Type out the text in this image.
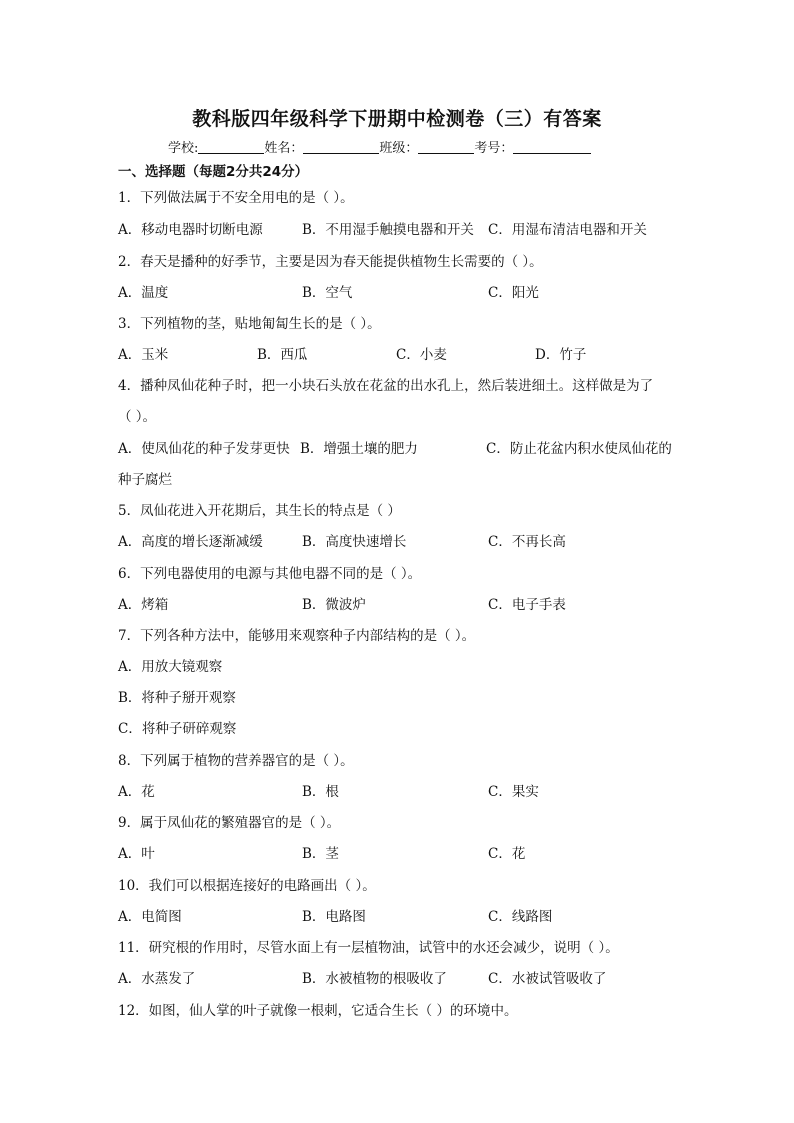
教科版四年级科学下册期中检测卷（三）有答案
学校:	姓名：	班级：	考号：
一、选择题（每题2分共24分）
1．下列做法属于不安全用电的是（ ）。
A．移动电器时切断电源	B．不用湿手触摸电器和开关 C．用湿布清洁电器和开关
2．春天是播种的好季节，主要是因为春天能提供植物生长需要的（ ）。
A．温度	B．空气	C．阳光
3．下列植物的茎，贴地匍匐生长的是（ ）。
A．玉米	B．西瓜	C．小麦	D．竹子
4．播种凤仙花种子时，把一小块石头放在花盆的出水孔上，然后装进细土。这样做是为了
（ ）。
A．使凤仙花的种子发芽更快 B．增强土壤的肥力	C．防止花盆内积水使凤仙花的
种子腐烂
5．凤仙花进入开花期后，其生长的特点是（ ）
A．高度的增长逐渐减缓	B．高度快速增长	C．不再长高
6．下列电器使用的电源与其他电器不同的是（ ）。
A．烤箱	B．微波炉	C．电子手表
7．下列各种方法中，能够用来观察种子内部结构的是（ ）。
A．用放大镜观察
B．将种子掰开观察
C．将种子研碎观察
8．下列属于植物的营养器官的是（ ）。
A．花	B．根	C．果实
9．属于凤仙花的繁殖器官的是（ ）。
A．叶	B．茎	C．花
10．我们可以根据连接好的电路画出（ ）。
A．电简图	B．电路图	C．线路图
11．研究根的作用时，尽管水面上有一层植物油，试管中的水还会减少，说明（ ）。
A．水蒸发了	B．水被植物的根吸收了	C．水被试管吸收了
12．如图，仙人掌的叶子就像一根刺，它适合生长（ ）的环境中。
